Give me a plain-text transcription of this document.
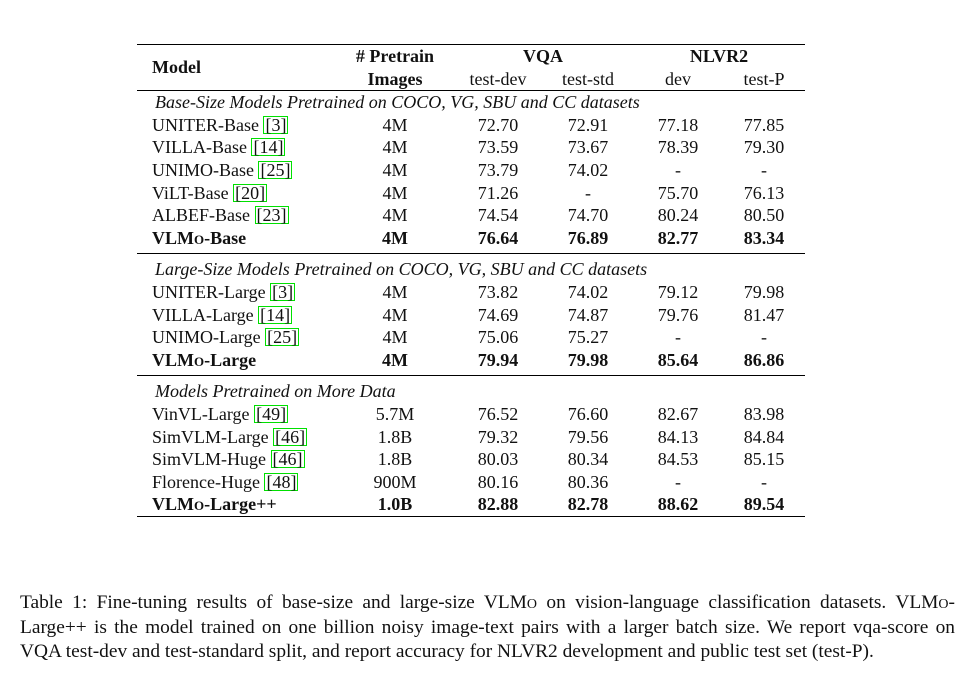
Model	# Pretrain	VQA		NLVR2	
	Images	test-dev	test-std	dev	test-P
Base-Size Models Pretrained on COCO, VG, SBU and CC datasets					
UNITER-Base [3]	4M	72.70	72.91	77.18	77.85
VILLA-Base [14]	4M	73.59	73.67	78.39	79.30
UNIMO-Base [25]	4M	73.79	74.02	-	-
ViLT-Base [20]	4M	71.26	-	75.70	76.13
ALBEF-Base [23]	4M	74.54	74.70	80.24	80.50
VLMo-Base	4M	76.64	76.89	82.77	83.34
Large-Size Models Pretrained on COCO, VG, SBU and CC datasets					
UNITER-Large [3]	4M	73.82	74.02	79.12	79.98
VILLA-Large [14]	4M	74.69	74.87	79.76	81.47
UNIMO-Large [25]	4M	75.06	75.27	-	-
VLMo-Large	4M	79.94	79.98	85.64	86.86
Models Pretrained on More Data					
VinVL-Large [49]	5.7M	76.52	76.60	82.67	83.98
SimVLM-Large [46]	1.8B	79.32	79.56	84.13	84.84
SimVLM-Huge [46]	1.8B	80.03	80.34	84.53	85.15
Florence-Huge [48]	900M	80.16	80.36	-	-
VLMo-Large++	1.0B	82.88	82.78	88.62	89.54

Table 1: Fine-tuning results of base-size and large-size VLMo on vision-language classification datasets. VLMo-Large++ is the model trained on one billion noisy image-text pairs with a larger batch size. We report vqa-score on VQA test-dev and test-standard split, and report accuracy for NLVR2 development and public test set (test-P).
